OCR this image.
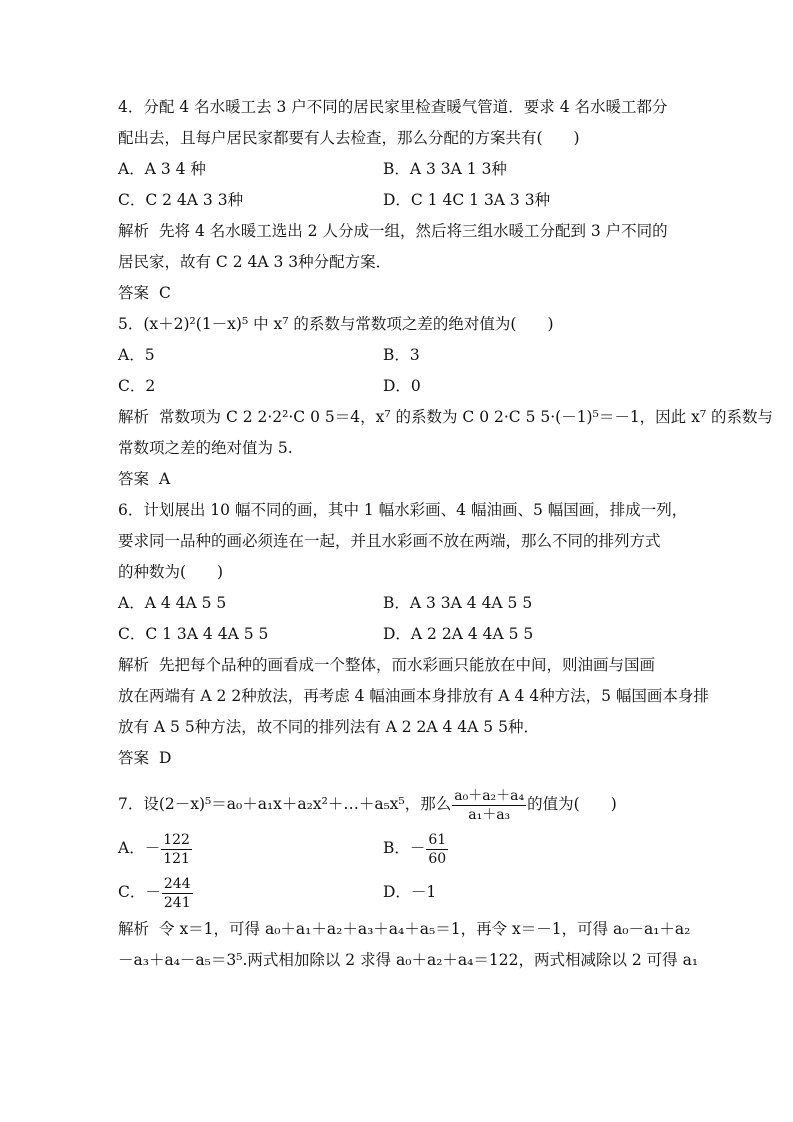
4．分配 4 名水暖工去 3 户不同的居民家里检查暖气管道．要求 4 名水暖工都分
配出去，且每户居民家都要有人去检查，那么分配的方案共有(　　)
A．A 3 4 种	B．A 3 3A 1 3种
C．C 2 4A 3 3种	D．C 1 4C 1 3A 3 3种
解析 先将 4 名水暖工选出 2 人分成一组，然后将三组水暖工分配到 3 户不同的
居民家，故有 C 2 4A 3 3种分配方案．
答案 C
5．(x＋2)²(1－x)⁵ 中 x⁷ 的系数与常数项之差的绝对值为(　　)
A．5	B．3
C．2	D．0
解析 常数项为 C 2 2·2²·C 0 5＝4，x⁷ 的系数为 C 0 2·C 5 5·(－1)⁵＝－1，因此 x⁷ 的系数与
常数项之差的绝对值为 5.
答案 A
6．计划展出 10 幅不同的画，其中 1 幅水彩画、4 幅油画、5 幅国画，排成一列，
要求同一品种的画必须连在一起，并且水彩画不放在两端，那么不同的排列方式
的种数为(　　)
A．A 4 4A 5 5	B．A 3 3A 4 4A 5 5
C．C 1 3A 4 4A 5 5	D．A 2 2A 4 4A 5 5
解析 先把每个品种的画看成一个整体，而水彩画只能放在中间，则油画与国画
放在两端有 A 2 2种放法，再考虑 4 幅油画本身排放有 A 4 4种方法，5 幅国画本身排
放有 A 5 5种方法，故不同的排列法有 A 2 2A 4 4A 5 5种．
答案 D
7．设(2－x)⁵＝a₀＋a₁x＋a₂x²＋…＋a₅x⁵，那么 $\frac{\text{a₀＋a₂＋a₄}}{\text{a₁＋a₃}}$ 的值为(　　)
A．－ $\frac{122}{121}$	B．－ $\frac{61}{60}$
C．－ $\frac{244}{241}$	D．－1
解析 令 x＝1，可得 a₀＋a₁＋a₂＋a₃＋a₄＋a₅＝1，再令 x＝－1，可得 a₀－a₁＋a₂
－a₃＋a₄－a₅＝3⁵.两式相加除以 2 求得 a₀＋a₂＋a₄＝122，两式相减除以 2 可得 a₁
